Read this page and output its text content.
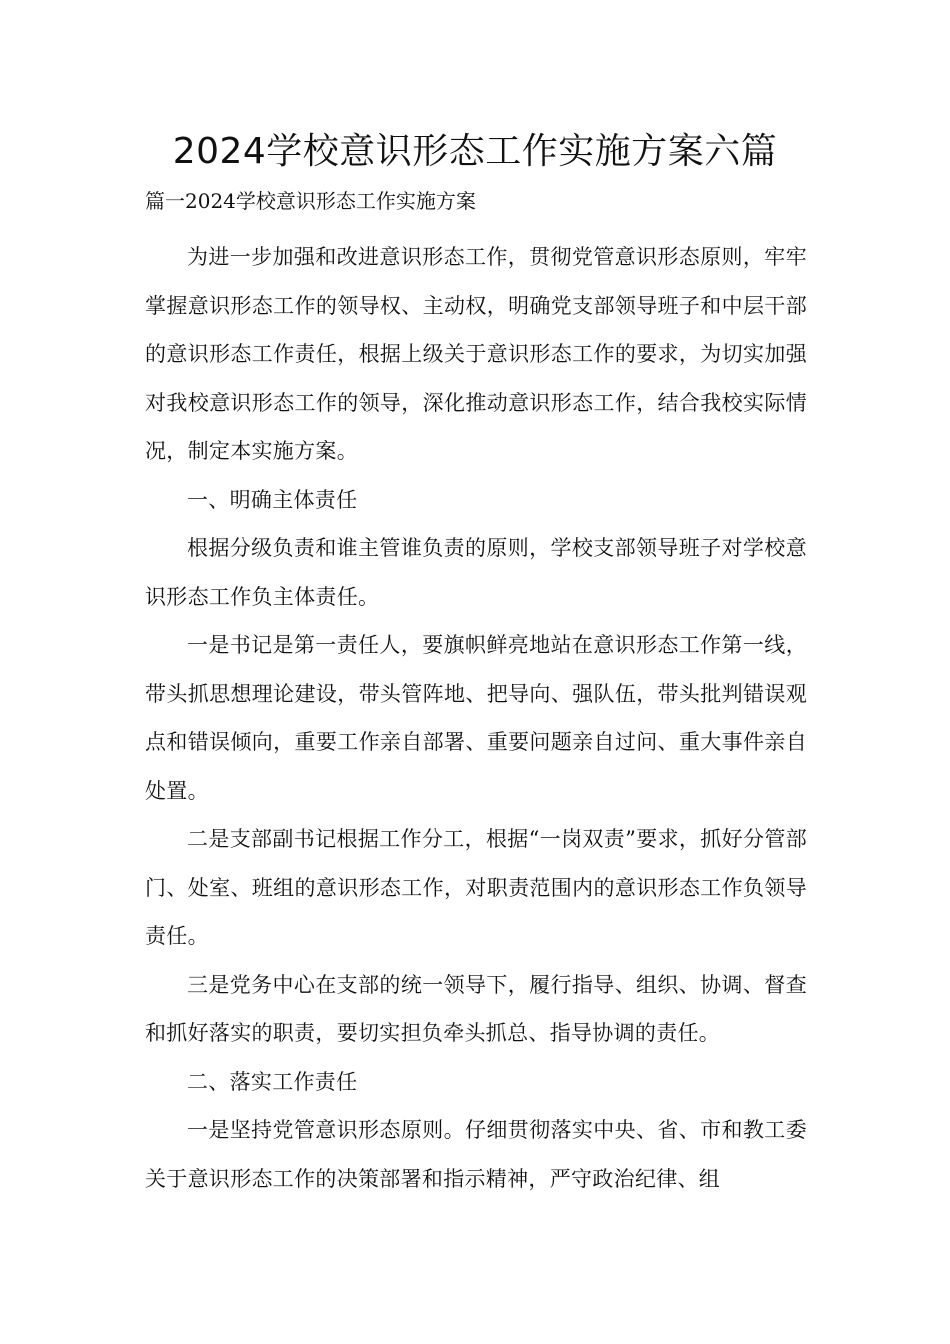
2024学校意识形态工作实施方案六篇

篇一2024学校意识形态工作实施方案

为进一步加强和改进意识形态工作，贯彻党管意识形态原则，牢牢掌握意识形态工作的领导权、主动权，明确党支部领导班子和中层干部的意识形态工作责任，根据上级关于意识形态工作的要求，为切实加强对我校意识形态工作的领导，深化推动意识形态工作，结合我校实际情况，制定本实施方案。

一、明确主体责任

根据分级负责和谁主管谁负责的原则，学校支部领导班子对学校意识形态工作负主体责任。

一是书记是第一责任人，要旗帜鲜亮地站在意识形态工作第一线，带头抓思想理论建设，带头管阵地、把导向、强队伍，带头批判错误观点和错误倾向，重要工作亲自部署、重要问题亲自过问、重大事件亲自处置。

二是支部副书记根据工作分工，根据“一岗双责”要求，抓好分管部门、处室、班组的意识形态工作，对职责范围内的意识形态工作负领导责任。

三是党务中心在支部的统一领导下，履行指导、组织、协调、督查和抓好落实的职责，要切实担负牵头抓总、指导协调的责任。

二、落实工作责任

一是坚持党管意识形态原则。仔细贯彻落实中央、省、市和教工委关于意识形态工作的决策部署和指示精神，严守政治纪律、组
